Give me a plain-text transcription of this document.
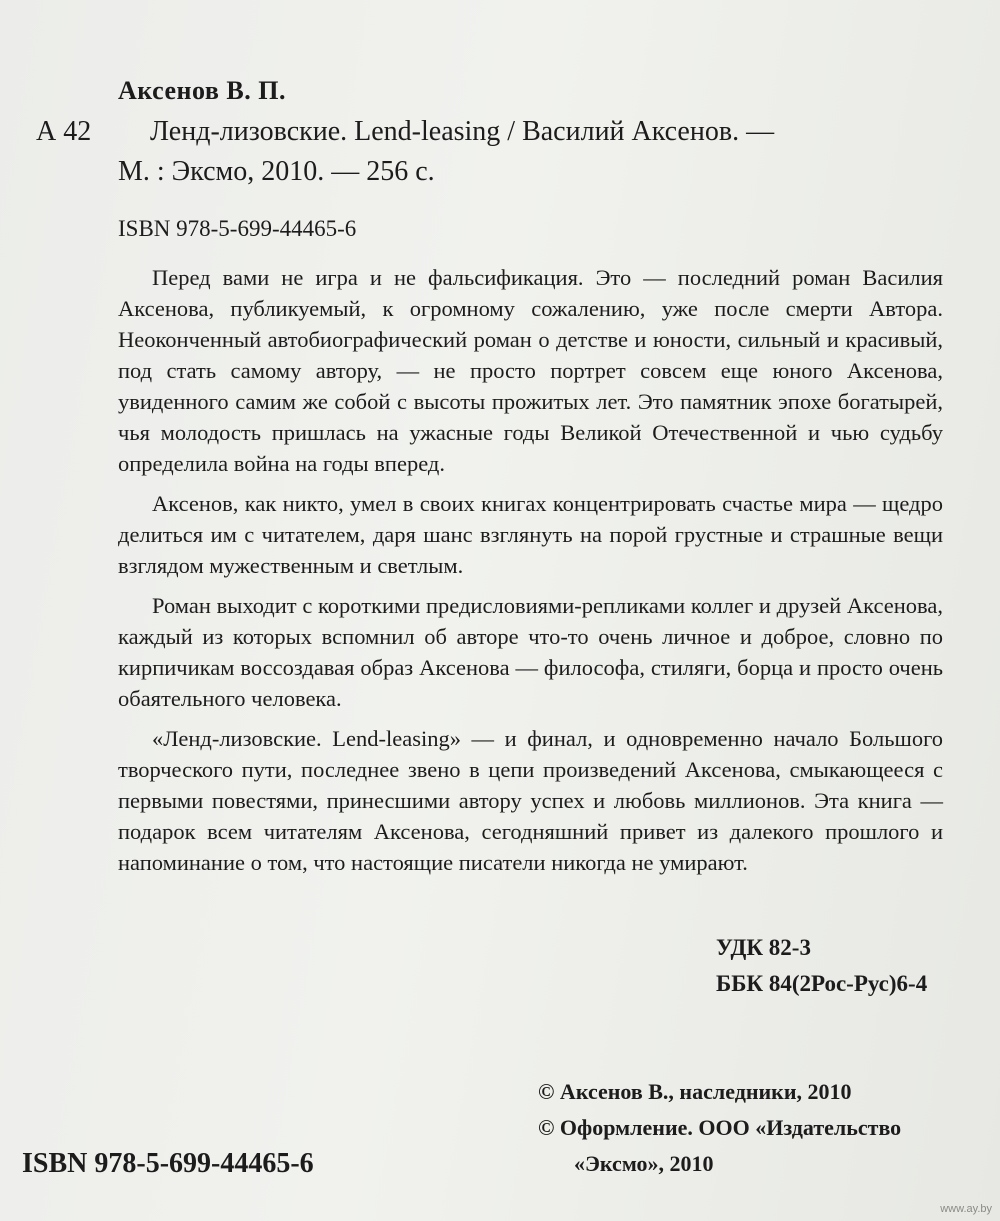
Аксенов В. П.
А 42 Ленд-лизовские. Lend-leasing / Василий Аксенов. —
М. : Эксмо, 2010. — 256 с.
ISBN 978-5-699-44465-6

Перед вами не игра и не фальсификация. Это — последний роман Василия Аксенова, публикуемый, к огромному сожалению, уже после смерти Автора. Неоконченный автобиографический роман о детстве и юности, сильный и красивый, под стать самому автору, — не просто портрет совсем еще юного Аксенова, увиденного самим же собой с высоты прожитых лет. Это памятник эпохе богатырей, чья молодость пришлась на ужасные годы Великой Отечественной и чью судьбу определила война на годы вперед.

Аксенов, как никто, умел в своих книгах концентрировать счастье мира — щедро делиться им с читателем, даря шанс взглянуть на порой грустные и страшные вещи взглядом мужественным и светлым.

Роман выходит с короткими предисловиями-репликами коллег и друзей Аксенова, каждый из которых вспомнил об авторе что-то очень личное и доброе, словно по кирпичикам воссоздавая образ Аксенова — философа, стиляги, борца и просто очень обаятельного человека.

«Ленд-лизовские. Lend-leasing» — и финал, и одновременно начало Большого творческого пути, последнее звено в цепи произведений Аксенова, смыкающееся с первыми повестями, принесшими автору успех и любовь миллионов. Эта книга — подарок всем читателям Аксенова, сегодняшний привет из далекого прошлого и напоминание о том, что настоящие писатели никогда не умирают.

УДК 82-3
ББК 84(2Рос-Рус)6-4
© Аксенов В., наследники, 2010
© Оформление. ООО «Издательство
«Эксмо», 2010
ISBN 978-5-699-44465-6
www.ay.by
